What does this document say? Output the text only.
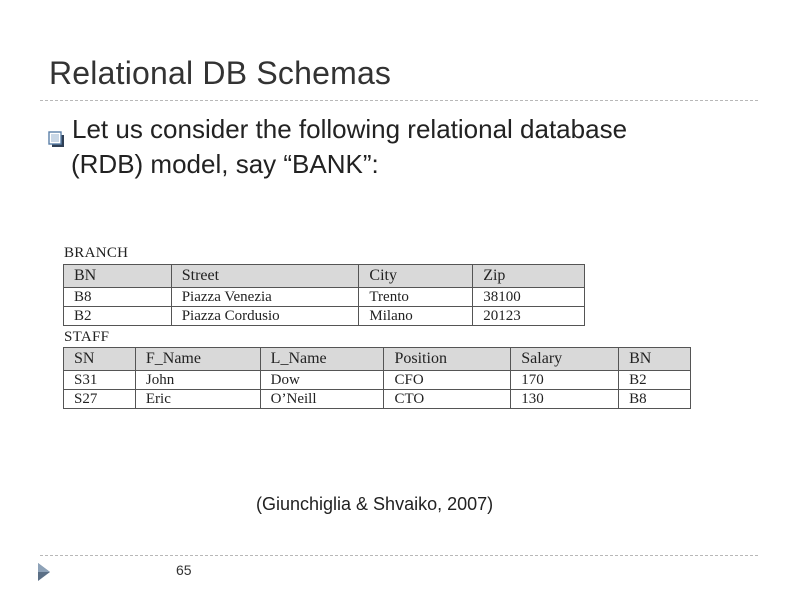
Relational DB Schemas
Let us consider the following relational database
(RDB) model, say “BANK”:
BRANCH
BN	Street	City	Zip
B8	Piazza Venezia	Trento	38100
B2	Piazza Cordusio	Milano	20123
STAFF
SN	F_Name	L_Name	Position	Salary	BN
S31	John	Dow	CFO	170	B2
S27	Eric	O’Neill	CTO	130	B8
(Giunchiglia & Shvaiko, 2007)
65
